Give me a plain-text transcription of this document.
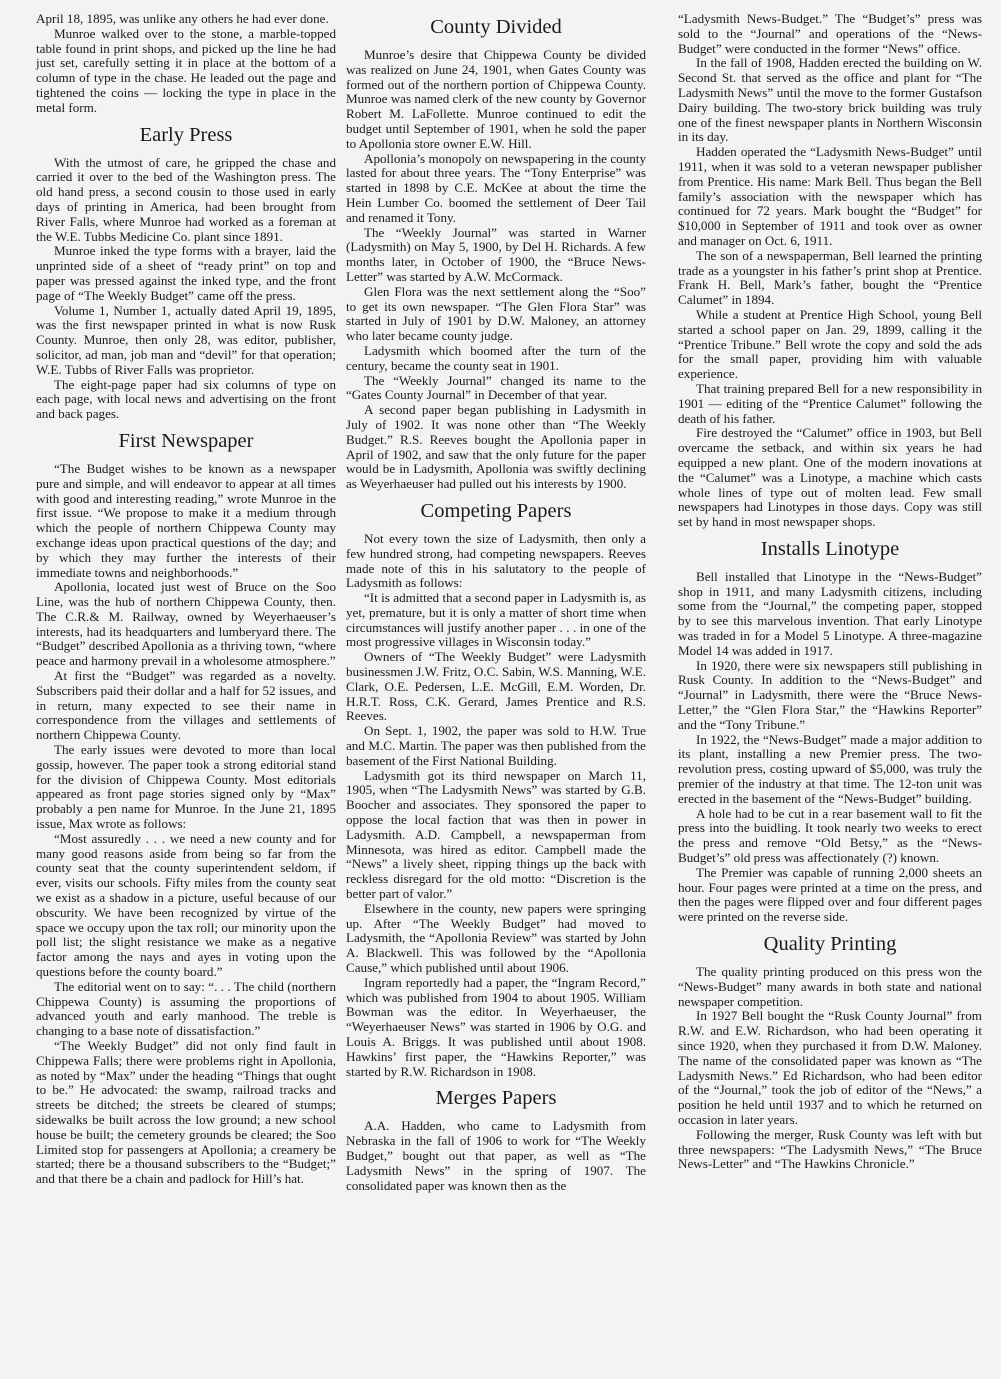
April 18, 1895, was unlike any others he had ever done.

Munroe walked over to the stone, a marble-topped table found in print shops, and picked up the line he had just set, carefully setting it in place at the bottom of a column of type in the chase. He leaded out the page and tightened the coins — locking the type in place in the metal form.

Early Press

With the utmost of care, he gripped the chase and carried it over to the bed of the Washington press. The old hand press, a second cousin to those used in early days of printing in America, had been brought from River Falls, where Munroe had worked as a foreman at the W.E. Tubbs Medicine Co. plant since 1891.

Munroe inked the type forms with a brayer, laid the unprinted side of a sheet of “ready print” on top and paper was pressed against the inked type, and the front page of “The Weekly Budget” came off the press.

Volume 1, Number 1, actually dated April 19, 1895, was the first newspaper printed in what is now Rusk County. Munroe, then only 28, was editor, publisher, solicitor, ad man, job man and “devil” for that operation; W.E. Tubbs of River Falls was proprietor.

The eight-page paper had six columns of type on each page, with local news and advertising on the front and back pages.

First Newspaper

“The Budget wishes to be known as a newspaper pure and simple, and will endeavor to appear at all times with good and interesting reading,” wrote Munroe in the first issue. “We propose to make it a medium through which the people of northern Chippewa County may exchange ideas upon practical questions of the day; and by which they may further the interests of their immediate towns and neighborhoods.”

Apollonia, located just west of Bruce on the Soo Line, was the hub of northern Chippewa County, then. The C.R.& M. Railway, owned by Weyerhaeuser’s interests, had its headquarters and lumberyard there. The “Budget” described Apollonia as a thriving town, “where peace and harmony prevail in a wholesome atmosphere.”

At first the “Budget” was regarded as a novelty. Subscribers paid their dollar and a half for 52 issues, and in return, many expected to see their name in correspondence from the villages and settlements of northern Chippewa County.

The early issues were devoted to more than local gossip, however. The paper took a strong editorial stand for the division of Chippewa County. Most editorials appeared as front page stories signed only by “Max” probably a pen name for Munroe. In the June 21, 1895 issue, Max wrote as follows:

“Most assuredly . . . we need a new county and for many good reasons aside from being so far from the county seat that the county superintendent seldom, if ever, visits our schools. Fifty miles from the county seat we exist as a shadow in a picture, useful because of our obscurity. We have been recognized by virtue of the space we occupy upon the tax roll; our minority upon the poll list; the slight resistance we make as a negative factor among the nays and ayes in voting upon the questions before the county board.”

The editorial went on to say: “. . . The child (northern Chippewa County) is assuming the proportions of advanced youth and early manhood. The treble is changing to a base note of dissatisfaction.”

“The Weekly Budget” did not only find fault in Chippewa Falls; there were problems right in Apollonia, as noted by “Max” under the heading “Things that ought to be.” He advocated: the swamp, railroad tracks and streets be ditched; the streets be cleared of stumps; sidewalks be built across the low ground; a new school house be built; the cemetery grounds be cleared; the Soo Limited stop for passengers at Apollonia; a creamery be started; there be a thousand subscribers to the “Budget;” and that there be a chain and padlock for Hill’s hat.

County Divided

Munroe’s desire that Chippewa County be divided was realized on June 24, 1901, when Gates County was formed out of the northern portion of Chippewa County. Munroe was named clerk of the new county by Governor Robert M. LaFollette. Munroe continued to edit the budget until September of 1901, when he sold the paper to Apollonia store owner E.W. Hill.

Apollonia’s monopoly on newspapering in the county lasted for about three years. The “Tony Enterprise” was started in 1898 by C.E. McKee at about the time the Hein Lumber Co. boomed the settlement of Deer Tail and renamed it Tony.

The “Weekly Journal” was started in Warner (Ladysmith) on May 5, 1900, by Del H. Richards. A few months later, in October of 1900, the “Bruce News-Letter” was started by A.W. McCormack.

Glen Flora was the next settlement along the “Soo” to get its own newspaper. “The Glen Flora Star” was started in July of 1901 by D.W. Maloney, an attorney who later became county judge.

Ladysmith which boomed after the turn of the century, became the county seat in 1901.

The “Weekly Journal” changed its name to the “Gates County Journal” in December of that year.

A second paper began publishing in Ladysmith in July of 1902. It was none other than “The Weekly Budget.” R.S. Reeves bought the Apollonia paper in April of 1902, and saw that the only future for the paper would be in Ladysmith, Apollonia was swiftly declining as Weyerhaeuser had pulled out his interests by 1900.

Competing Papers

Not every town the size of Ladysmith, then only a few hundred strong, had competing newspapers. Reeves made note of this in his salutatory to the people of Ladysmith as follows:

“It is admitted that a second paper in Ladysmith is, as yet, premature, but it is only a matter of short time when circumstances will justify another paper . . . in one of the most progressive villages in Wisconsin today.”

Owners of “The Weekly Budget” were Ladysmith businessmen J.W. Fritz, O.C. Sabin, W.S. Manning, W.E. Clark, O.E. Pedersen, L.E. McGill, E.M. Worden, Dr. H.R.T. Ross, C.K. Gerard, James Prentice and R.S. Reeves.

On Sept. 1, 1902, the paper was sold to H.W. True and M.C. Martin. The paper was then published from the basement of the First National Building.

Ladysmith got its third newspaper on March 11, 1905, when “The Ladysmith News” was started by G.B. Boocher and associates. They sponsored the paper to oppose the local faction that was then in power in Ladysmith. A.D. Campbell, a newspaperman from Minnesota, was hired as editor. Campbell made the “News” a lively sheet, ripping things up the back with reckless disregard for the old motto: “Discretion is the better part of valor.”

Elsewhere in the county, new papers were springing up. After “The Weekly Budget” had moved to Ladysmith, the “Apollonia Review” was started by John A. Blackwell. This was followed by the “Apollonia Cause,” which published until about 1906.

Ingram reportedly had a paper, the “Ingram Record,” which was published from 1904 to about 1905. William Bowman was the editor. In Weyerhaeuser, the “Weyerhaeuser News” was started in 1906 by O.G. and Louis A. Briggs. It was published until about 1908. Hawkins’ first paper, the “Hawkins Reporter,” was started by R.W. Richardson in 1908.

Merges Papers

A.A. Hadden, who came to Ladysmith from Nebraska in the fall of 1906 to work for “The Weekly Budget,” bought out that paper, as well as “The Ladysmith News” in the spring of 1907. The consolidated paper was known then as the

“Ladysmith News-Budget.” The “Budget’s” press was sold to the “Journal” and operations of the “News-Budget” were conducted in the former “News” office.

In the fall of 1908, Hadden erected the building on W. Second St. that served as the office and plant for “The Ladysmith News” until the move to the former Gustafson Dairy building. The two-story brick building was truly one of the finest newspaper plants in Northern Wisconsin in its day.

Hadden operated the “Ladysmith News-Budget” until 1911, when it was sold to a veteran newspaper publisher from Prentice. His name: Mark Bell. Thus began the Bell family’s association with the newspaper which has continued for 72 years. Mark bought the “Budget” for $10,000 in September of 1911 and took over as owner and manager on Oct. 6, 1911.

The son of a newspaperman, Bell learned the printing trade as a youngster in his father’s print shop at Prentice. Frank H. Bell, Mark’s father, bought the “Prentice Calumet” in 1894.

While a student at Prentice High School, young Bell started a school paper on Jan. 29, 1899, calling it the “Prentice Tribune.” Bell wrote the copy and sold the ads for the small paper, providing him with valuable experience.

That training prepared Bell for a new responsibility in 1901 — editing of the “Prentice Calumet” following the death of his father.

Fire destroyed the “Calumet” office in 1903, but Bell overcame the setback, and within six years he had equipped a new plant. One of the modern inovations at the “Calumet” was a Linotype, a machine which casts whole lines of type out of molten lead. Few small newspapers had Linotypes in those days. Copy was still set by hand in most newspaper shops.

Installs Linotype

Bell installed that Linotype in the “News-Budget” shop in 1911, and many Ladysmith citizens, including some from the “Journal,” the competing paper, stopped by to see this marvelous invention. That early Linotype was traded in for a Model 5 Linotype. A three-magazine Model 14 was added in 1917.

In 1920, there were six newspapers still publishing in Rusk County. In addition to the “News-Budget” and “Journal” in Ladysmith, there were the “Bruce News-Letter,” the “Glen Flora Star,” the “Hawkins Reporter” and the “Tony Tribune.”

In 1922, the “News-Budget” made a major addition to its plant, installing a new Premier press. The two-revolution press, costing upward of $5,000, was truly the premier of the industry at that time. The 12-ton unit was erected in the basement of the “News-Budget” building.

A hole had to be cut in a rear basement wall to fit the press into the buidling. It took nearly two weeks to erect the press and remove “Old Betsy,” as the “News-Budget’s” old press was affectionately (?) known.

The Premier was capable of running 2,000 sheets an hour. Four pages were printed at a time on the press, and then the pages were flipped over and four different pages were printed on the reverse side.

Quality Printing

The quality printing produced on this press won the “News-Budget” many awards in both state and national newspaper competition.

In 1927 Bell bought the “Rusk County Journal” from R.W. and E.W. Richardson, who had been operating it since 1920, when they purchased it from D.W. Maloney. The name of the consolidated paper was known as “The Ladysmith News.” Ed Richardson, who had been editor of the “Journal,” took the job of editor of the “News,” a position he held until 1937 and to which he returned on occasion in later years.

Following the merger, Rusk County was left with but three newspapers: “The Ladysmith News,” “The Bruce News-Letter” and “The Hawkins Chronicle.”
